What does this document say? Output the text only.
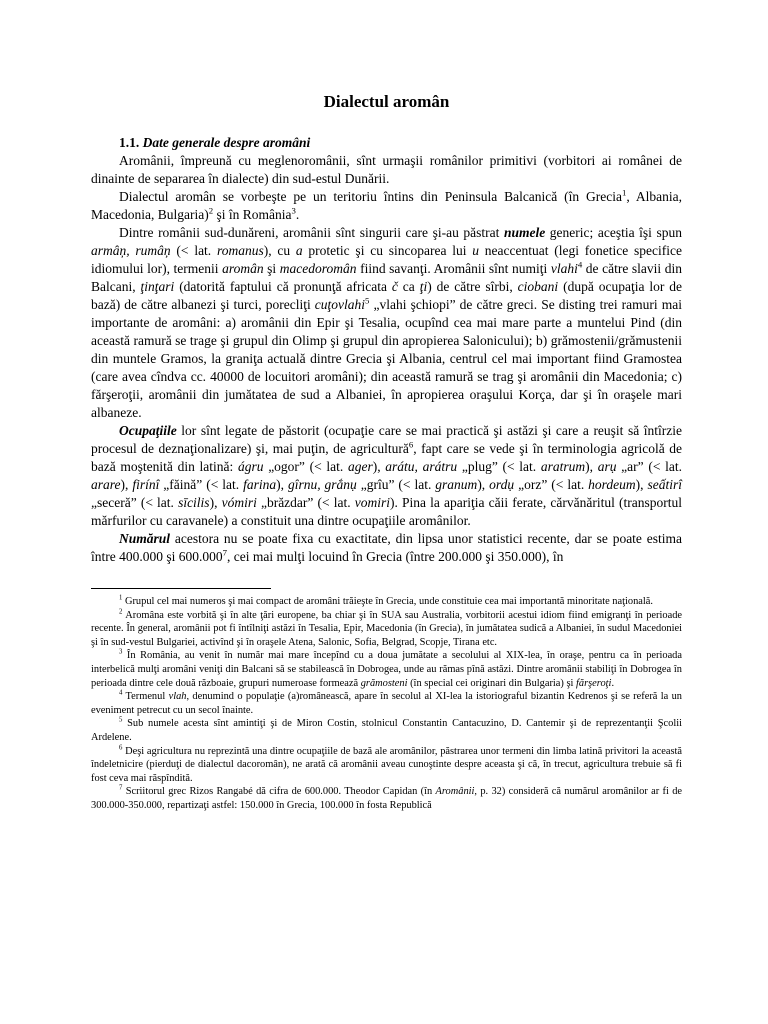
Dialectul aromân

1.1. Date generale despre aromâni

Aromânii, împreună cu meglenoromânii, sînt urmaşii românilor primitivi (vorbitori ai românei de dinainte de separarea în dialecte) din sud-estul Dunării.

Dialectul aromân se vorbeşte pe un teritoriu întins din Peninsula Balcanică (în Grecia$^1$, Albania, Macedonia, Bulgaria)$^2$ şi în România$^3$.

Dintre românii sud-dunăreni, aromânii sînt singurii care şi-au păstrat numele generic; aceştia îşi spun armâņ, rumâņ (< lat. romanus), cu a protetic şi cu sincoparea lui u neaccentuat (legi fonetice specifice idiomului lor), termenii aromân şi macedoromân fiind savanţi. Aromânii sînt numiţi vlahi$^4$ de către slavii din Balcani, ţinţari (datorită faptului că pronunţă africata č ca ţi) de către sîrbi, ciobani (după ocupaţia lor de bază) de către albanezi şi turci, porecliţi cuţovlahi$^5$ „vlahi şchiopi” de către greci. Se disting trei ramuri mai importante de aromâni: a) aromânii din Epir şi Tesalia, ocupînd cea mai mare parte a muntelui Pind (din această ramură se trage şi grupul din Olimp şi grupul din apropierea Salonicului); b) grămostenii/grămustenii din muntele Gramos, la graniţa actuală dintre Grecia şi Albania, centrul cel mai important fiind Gramostea (care avea cîndva cc. 40000 de locuitori aromâni); din această ramură se trag şi aromânii din Macedonia; c) fărşeroţii, aromânii din jumătatea de sud a Albaniei, în apropierea oraşului Korça, dar şi în oraşele mari albaneze.

Ocupaţiile lor sînt legate de păstorit (ocupaţie care se mai practică şi astăzi şi care a reuşit să întîrzie procesul de deznaţionalizare) şi, mai puţin, de agricultură$^6$, fapt care se vede şi în terminologia agricolă de bază moştenită din latină: ágru „ogor” (< lat. ager), arátu, arátru „plug” (< lat. aratrum), arụ „ar” (< lat. arare), firínî „făină” (< lat. farina), gîrnu, grắnụ „grîu” (< lat. granum), ordụ „orz” (< lat. hordeum), seấtirî „seceră” (< lat. sīcilis), vómiri „brăzdar” (< lat. vomiri). Pina la apariţia căii ferate, cărvănăritul (transportul mărfurilor cu caravanele) a constituit una dintre ocupaţiile aromânilor.

Numărul acestora nu se poate fixa cu exactitate, din lipsa unor statistici recente, dar se poate estima între 400.000 şi 600.000$^7$, cei mai mulţi locuind în Grecia (între 200.000 şi 350.000), în

$^1$ Grupul cel mai numeros şi mai compact de aromâni trăieşte în Grecia, unde constituie cea mai importantă minoritate naţională.

$^2$ Aromâna este vorbită şi în alte ţări europene, ba chiar şi în SUA sau Australia, vorbitorii acestui idiom fiind emigranţi în perioade recente. În general, aromânii pot fi întîlniţi astăzi în Tesalia, Epir, Macedonia (în Grecia), în jumătatea sudică a Albaniei, în sudul Macedoniei şi în sud-vestul Bulgariei, activînd şi în oraşele Atena, Salonic, Sofia, Belgrad, Scopje, Tirana etc.

$^3$ În România, au venit în număr mai mare începînd cu a doua jumătate a secolului al XIX-lea, în oraşe, pentru ca în perioada interbelică mulţi aromâni veniţi din Balcani să se stabilească în Dobrogea, unde au rămas pînă astăzi. Dintre aromânii stabiliţi în Dobrogea în perioada dintre cele două războaie, grupuri numeroase formează grămosteni (în special cei originari din Bulgaria) şi fărşeroţi.

$^4$ Termenul vlah, denumind o populaţie (a)românească, apare în secolul al XI-lea la istoriograful bizantin Kedrenos şi se referă la un eveniment petrecut cu un secol înainte.

$^5$ Sub numele acesta sînt amintiţi şi de Miron Costin, stolnicul Constantin Cantacuzino, D. Cantemir şi de reprezentanţii Şcolii Ardelene.

$^6$ Deşi agricultura nu reprezintă una dintre ocupaţiile de bază ale aromânilor, păstrarea unor termeni din limba latină privitori la această îndeletnicire (pierduţi de dialectul dacoromân), ne arată că aromânii aveau cunoştinte despre aceasta şi că, în trecut, agricultura trebuie să fi fost ceva mai răspîndită.

$^7$ Scriitorul grec Rizos Rangabé dă cifra de 600.000. Theodor Capidan (în Aromânii, p. 32) consideră că numărul aromânilor ar fi de 300.000-350.000, repartizaţi astfel: 150.000 în Grecia, 100.000 în fosta Republică
